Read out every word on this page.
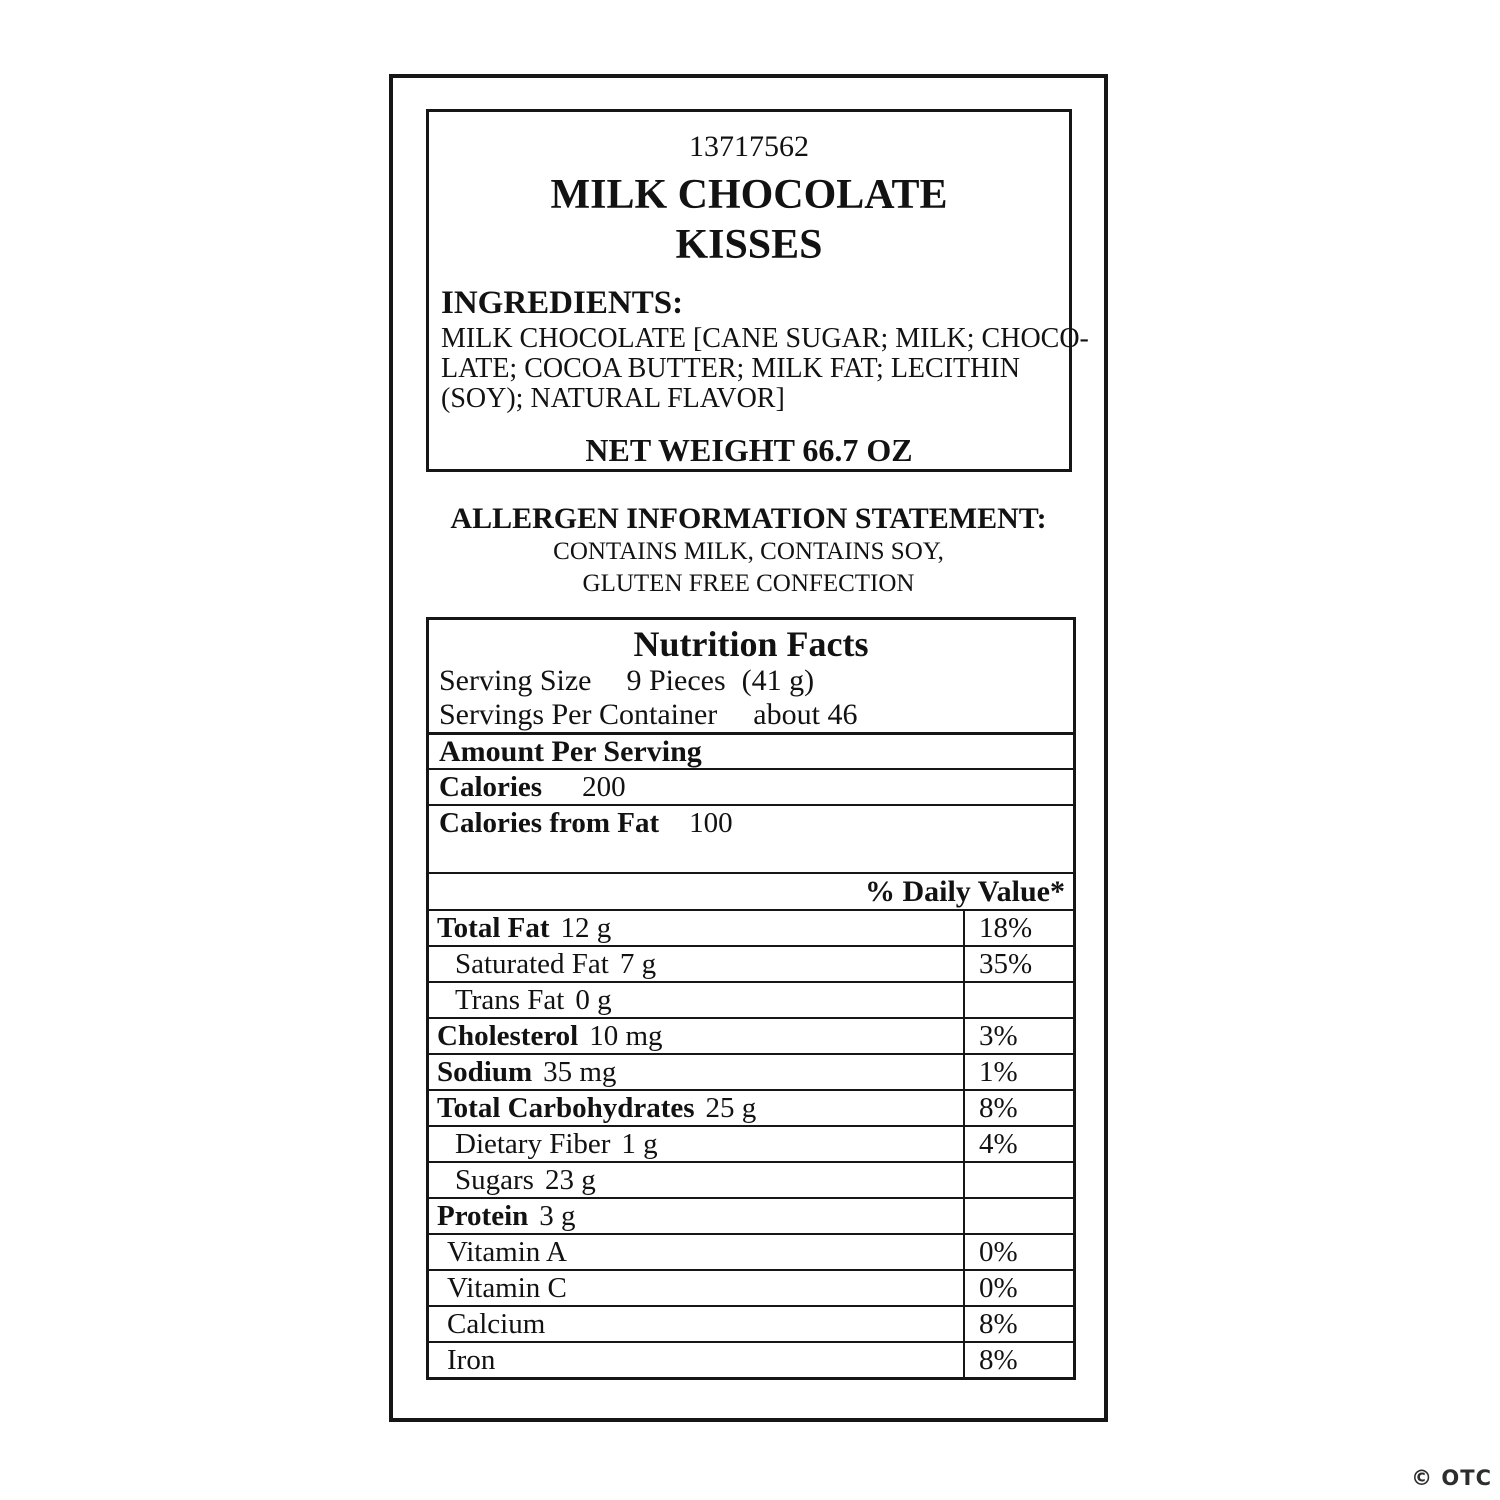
13717562
MILK CHOCOLATE
KISSES
INGREDIENTS:
MILK CHOCOLATE [CANE SUGAR; MILK; CHOCO-
LATE; COCOA BUTTER; MILK FAT; LECITHIN
(SOY); NATURAL FLAVOR]
NET WEIGHT 66.7 OZ
ALLERGEN INFORMATION STATEMENT:
CONTAINS MILK, CONTAINS SOY,
GLUTEN FREE CONFECTION
Nutrition Facts
Serving Size 9 Pieces (41 g)
Servings Per Container about 46
Amount Per Serving
Calories 200
Calories from Fat 100
% Daily Value*
Total Fat 12 g	18%
Saturated Fat 7 g	35%
Trans Fat 0 g
Cholesterol 10 mg	3%
Sodium 35 mg	1%
Total Carbohydrates 25 g	8%
Dietary Fiber 1 g	4%
Sugars 23 g
Protein 3 g
Vitamin A	0%
Vitamin C	0%
Calcium	8%
Iron	8%
© OTC
